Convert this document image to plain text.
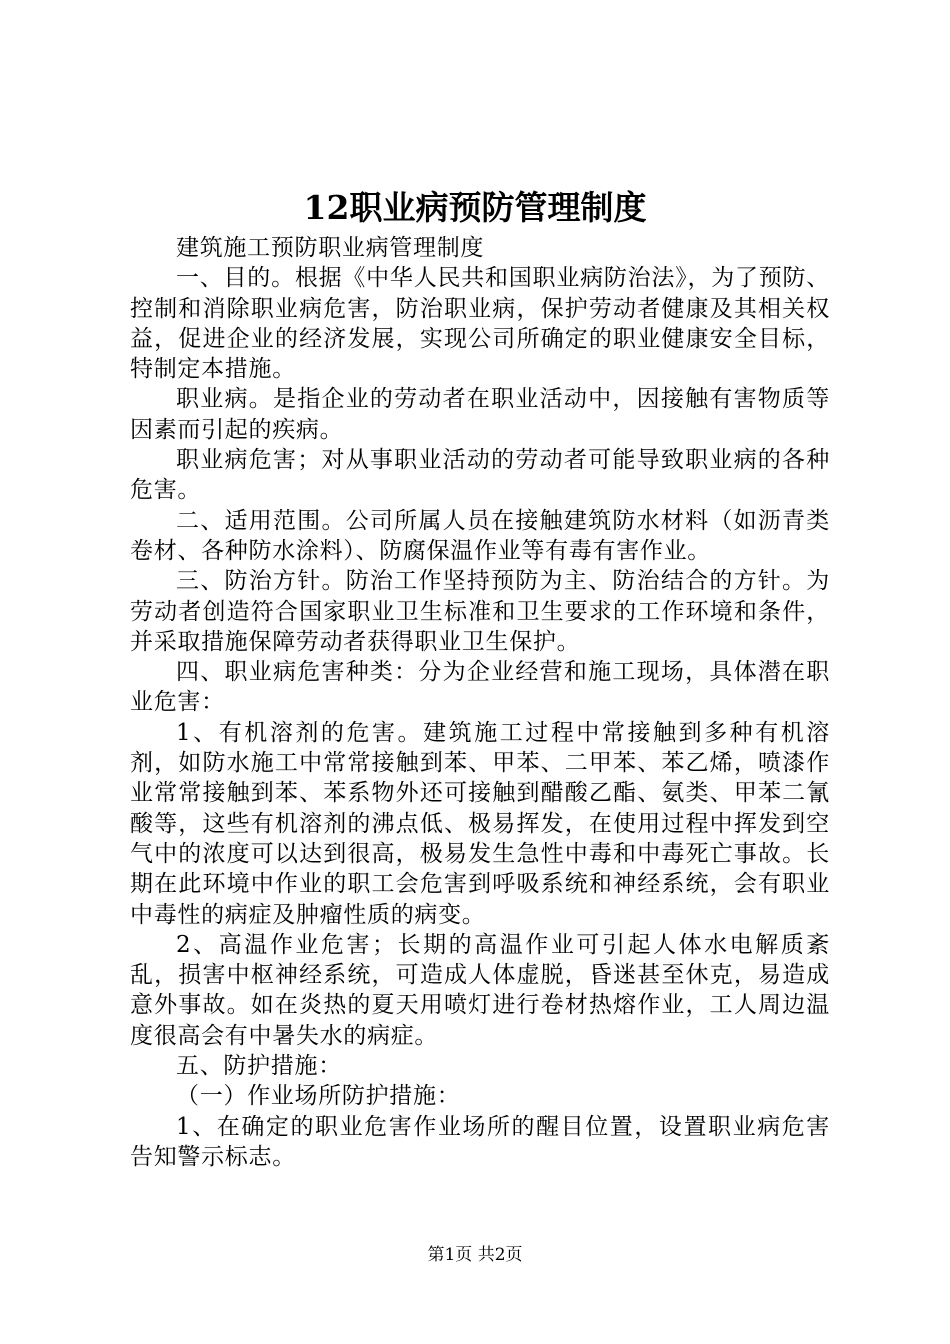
12职业病预防管理制度

建筑施工预防职业病管理制度

一、目的。根据《中华人民共和国职业病防治法》，为了预防、控制和消除职业病危害，防治职业病，保护劳动者健康及其相关权益，促进企业的经济发展，实现公司所确定的职业健康安全目标，特制定本措施。

职业病。是指企业的劳动者在职业活动中，因接触有害物质等因素而引起的疾病。

职业病危害；对从事职业活动的劳动者可能导致职业病的各种危害。

二、适用范围。公司所属人员在接触建筑防水材料（如沥青类卷材、各种防水涂料）、防腐保温作业等有毒有害作业。

三、防治方针。防治工作坚持预防为主、防治结合的方针。为劳动者创造符合国家职业卫生标准和卫生要求的工作环境和条件，并采取措施保障劳动者获得职业卫生保护。

四、职业病危害种类：分为企业经营和施工现场，具体潜在职业危害：

1、有机溶剂的危害。建筑施工过程中常接触到多种有机溶剂，如防水施工中常常接触到苯、甲苯、二甲苯、苯乙烯，喷漆作业常常接触到苯、苯系物外还可接触到醋酸乙酯、氨类、甲苯二氰酸等，这些有机溶剂的沸点低、极易挥发，在使用过程中挥发到空气中的浓度可以达到很高，极易发生急性中毒和中毒死亡事故。长期在此环境中作业的职工会危害到呼吸系统和神经系统，会有职业中毒性的病症及肿瘤性质的病变。

2、高温作业危害；长期的高温作业可引起人体水电解质紊乱，损害中枢神经系统，可造成人体虚脱，昏迷甚至休克，易造成意外事故。如在炎热的夏天用喷灯进行卷材热熔作业，工人周边温度很高会有中暑失水的病症。

五、防护措施：

（一）作业场所防护措施：

1、在确定的职业危害作业场所的醒目位置，设置职业病危害告知警示标志。

第1页 共2页
